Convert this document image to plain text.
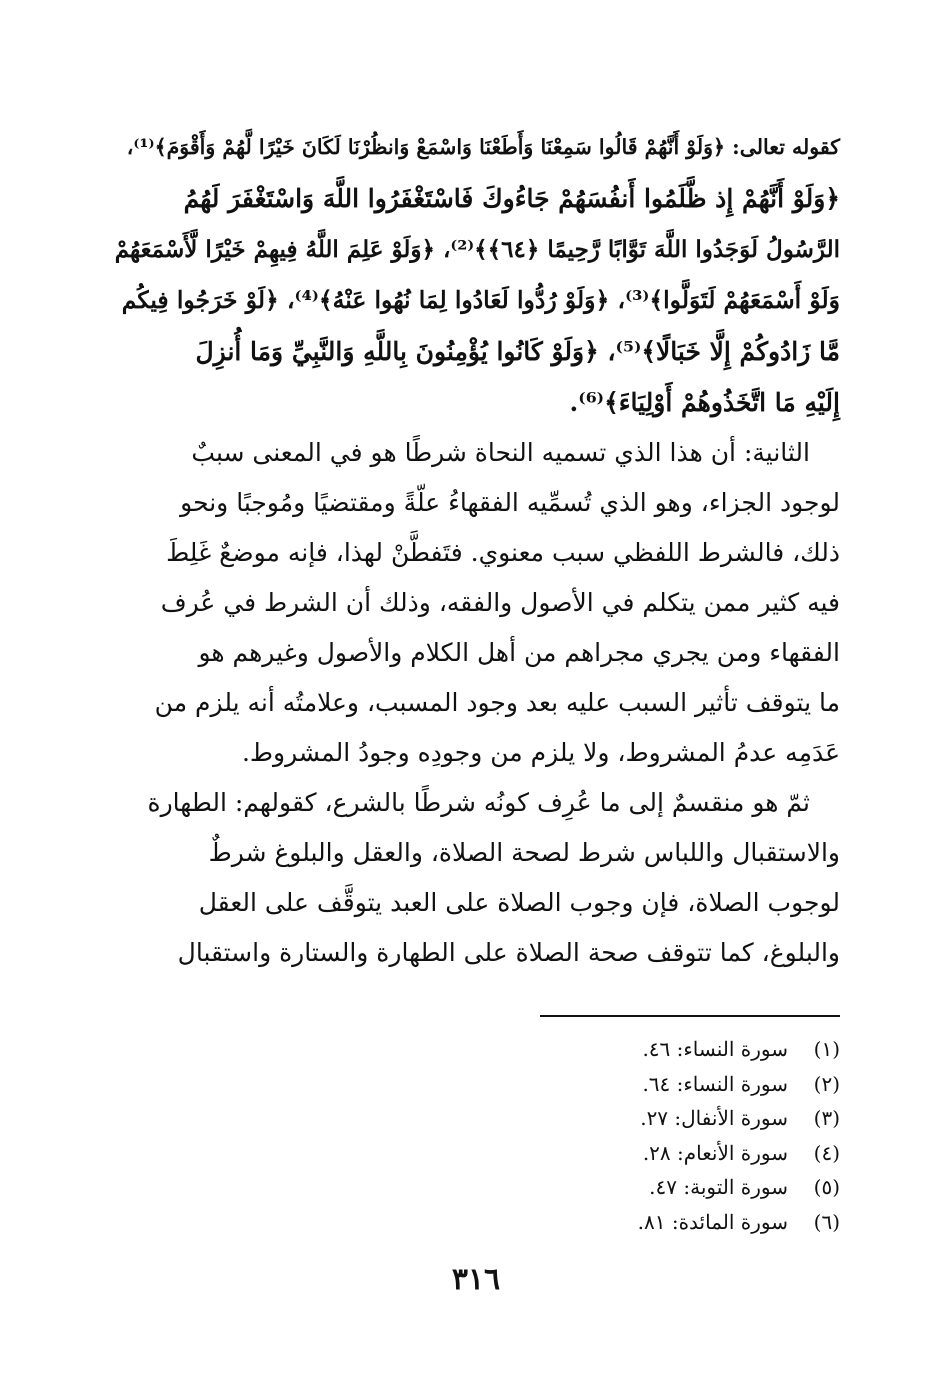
كقوله تعالى: ﴿وَلَوْ أَنَّهُمْ قَالُوا سَمِعْنَا وَأَطَعْنَا وَاسْمَعْ وَانظُرْنَا لَكَانَ خَيْرًا لَّهُمْ وَأَقْوَمَ﴾⁽¹⁾،
﴿وَلَوْ أَنَّهُمْ إِذ ظَّلَمُوا أَنفُسَهُمْ جَاءُوكَ فَاسْتَغْفَرُوا اللَّهَ وَاسْتَغْفَرَ لَهُمُ
الرَّسُولُ لَوَجَدُوا اللَّهَ تَوَّابًا رَّحِيمًا ﴿٦٤﴾﴾⁽²⁾، ﴿وَلَوْ عَلِمَ اللَّهُ فِيهِمْ خَيْرًا لَّأَسْمَعَهُمْ
وَلَوْ أَسْمَعَهُمْ لَتَوَلَّوا﴾⁽³⁾، ﴿وَلَوْ رُدُّوا لَعَادُوا لِمَا نُهُوا عَنْهُ﴾⁽⁴⁾، ﴿لَوْ خَرَجُوا فِيكُم
مَّا زَادُوكُمْ إِلَّا خَبَالًا﴾⁽⁵⁾، ﴿وَلَوْ كَانُوا يُؤْمِنُونَ بِاللَّهِ وَالنَّبِيِّ وَمَا أُنزِلَ
إِلَيْهِ مَا اتَّخَذُوهُمْ أَوْلِيَاءَ﴾⁽⁶⁾.
الثانية: أن هذا الذي تسميه النحاة شرطًا هو في المعنى سببٌ
لوجود الجزاء، وهو الذي تُسمِّيه الفقهاءُ علّةً ومقتضيًا ومُوجبًا ونحو
ذلك، فالشرط اللفظي سبب معنوي. فتَفطَّنْ لهذا، فإنه موضعٌ غَلِطَ
فيه كثير ممن يتكلم في الأصول والفقه، وذلك أن الشرط في عُرف
الفقهاء ومن يجري مجراهم من أهل الكلام والأصول وغيرهم هو
ما يتوقف تأثير السبب عليه بعد وجود المسبب، وعلامتُه أنه يلزم من
عَدَمِه عدمُ المشروط، ولا يلزم من وجودِه وجودُ المشروط.
ثمّ هو منقسمٌ إلى ما عُرِف كونُه شرطًا بالشرع، كقولهم: الطهارة
والاستقبال واللباس شرط لصحة الصلاة، والعقل والبلوغ شرطٌ
لوجوب الصلاة، فإن وجوب الصلاة على العبد يتوقَّف على العقل
والبلوغ، كما تتوقف صحة الصلاة على الطهارة والستارة واستقبال
(١)
سورة النساء: ٤٦.
(٢)
سورة النساء: ٦٤.
(٣)
سورة الأنفال: ٢٧.
(٤)
سورة الأنعام: ٢٨.
(٥)
سورة التوبة: ٤٧.
(٦)
سورة المائدة: ٨١.
٣١٦
